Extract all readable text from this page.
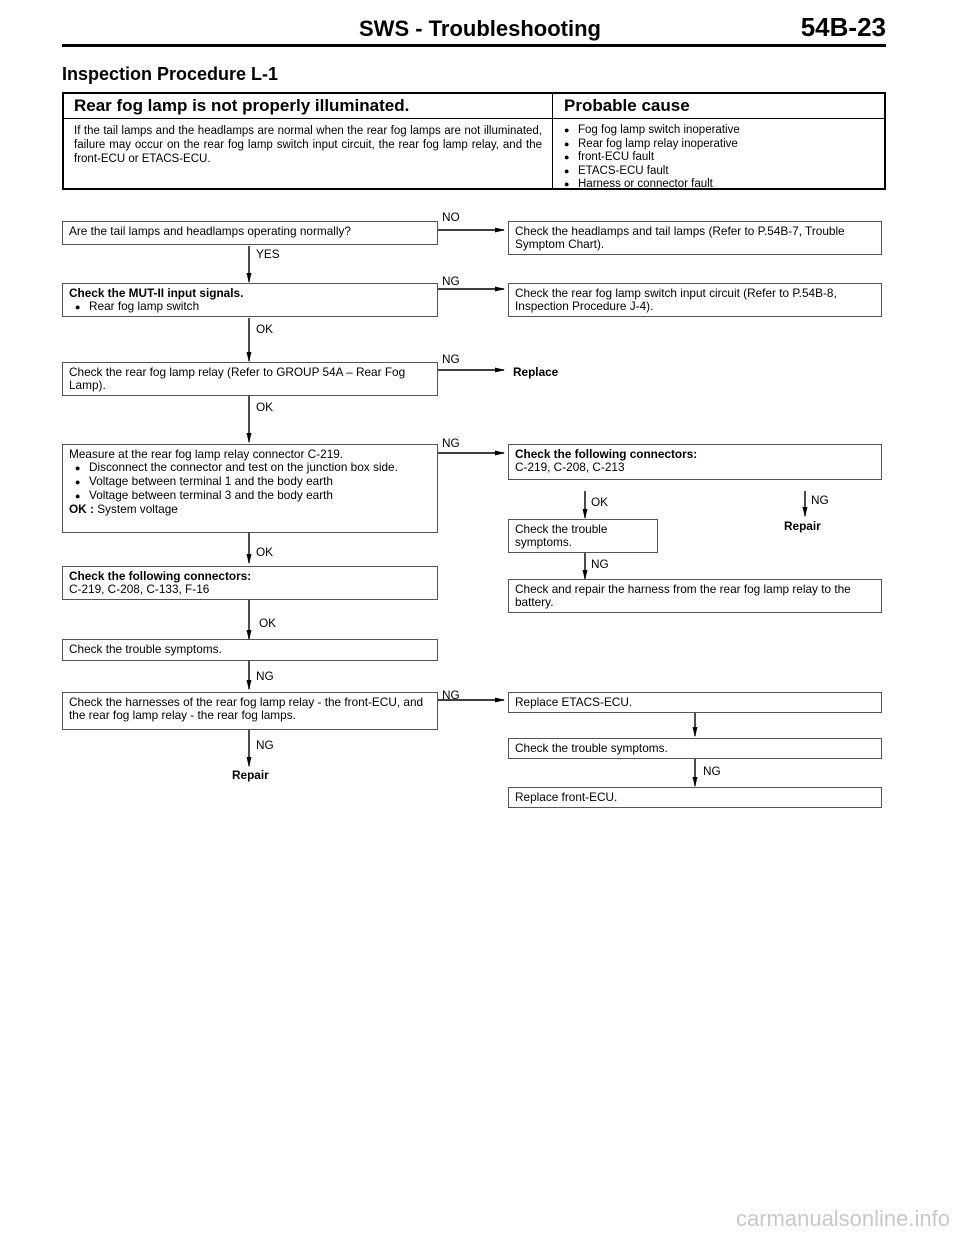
SWS - Troubleshooting	54B-23
Inspection Procedure L-1
Rear fog lamp is not properly illuminated.	Probable cause
If the tail lamps and the headlamps are normal when the rear fog lamps are not illuminated, failure may occur on the rear fog lamp switch input circuit, the rear fog lamp relay, and the front-ECU or ETACS-ECU.
● Fog fog lamp switch inoperative
● Rear fog lamp relay inoperative
● front-ECU fault
● ETACS-ECU fault
● Harness or connector fault
Are the tail lamps and headlamps operating normally?
Check the MUT-II input signals.
● Rear fog lamp switch
Check the rear fog lamp relay (Refer to GROUP 54A – Rear Fog Lamp).
Measure at the rear fog lamp relay connector C-219.
● Disconnect the connector and test on the junction box side.
● Voltage between terminal 1 and the body earth
● Voltage between terminal 3 and the body earth
OK : System voltage
Check the following connectors:
C-219, C-208, C-133, F-16
Check the trouble symptoms.
Check the harnesses of the rear fog lamp relay - the front-ECU, and the rear fog lamp relay - the rear fog lamps.
Check the headlamps and tail lamps (Refer to P.54B-7, Trouble Symptom Chart).
Check the rear fog lamp switch input circuit (Refer to P.54B-8, Inspection Procedure J-4).
Replace
Check the following connectors:
C-219, C-208, C-213
Check the trouble symptoms.
Repair
Check and repair the harness from the rear fog lamp relay to the battery.
Replace ETACS-ECU.
Check the trouble symptoms.
Replace front-ECU.
Repair
NO
YES
NG
OK
NG
OK
NG
OK
OK	NG
NG
OK
NG
NG
NG
NG
carmanualsonline.info
